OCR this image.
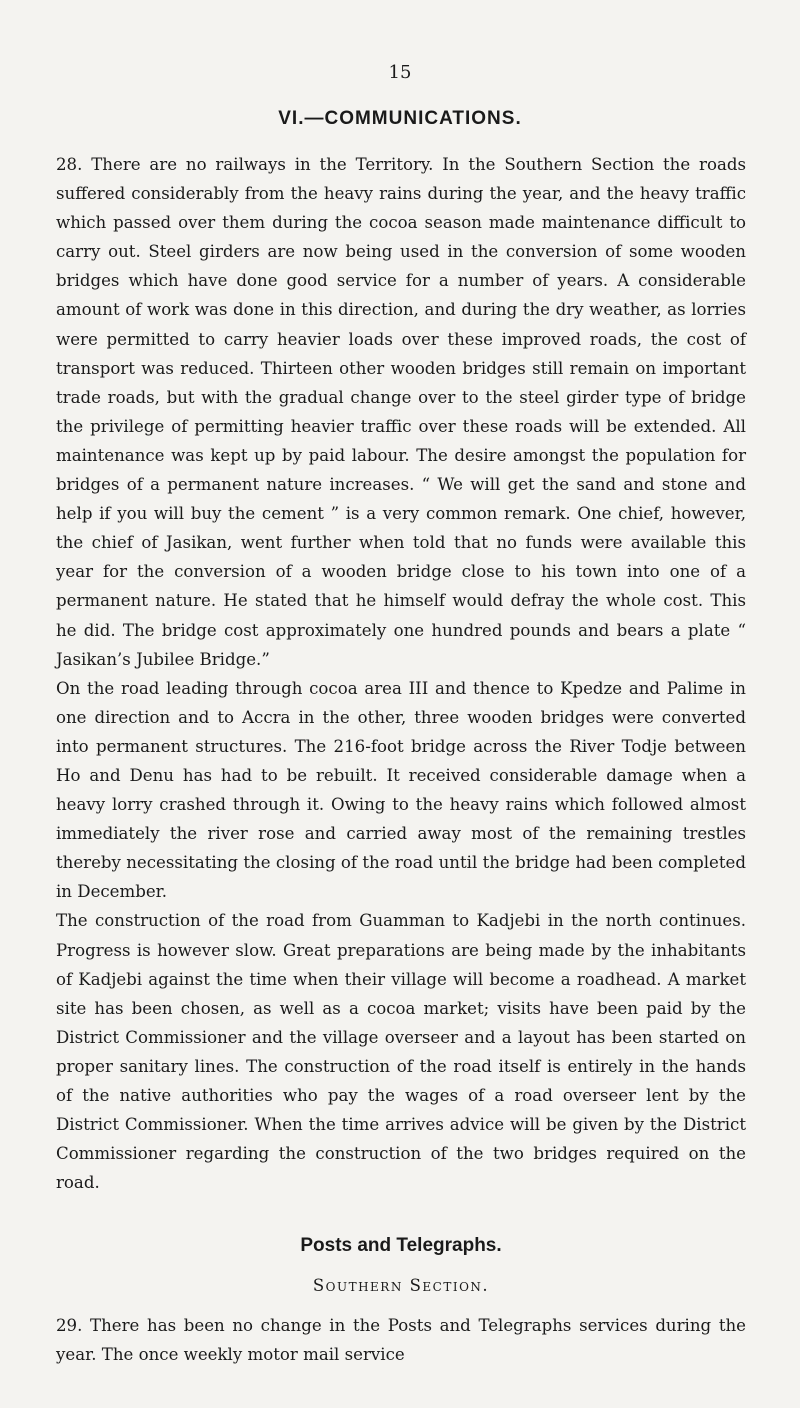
15
VI.—COMMUNICATIONS.

28. There are no railways in the Territory. In the Southern Section the roads suffered considerably from the heavy rains during the year, and the heavy traffic which passed over them during the cocoa season made maintenance difficult to carry out. Steel girders are now being used in the conversion of some wooden bridges which have done good service for a number of years. A considerable amount of work was done in this direction, and during the dry weather, as lorries were permitted to carry heavier loads over these improved roads, the cost of transport was reduced. Thirteen other wooden bridges still remain on important trade roads, but with the gradual change over to the steel girder type of bridge the privilege of permitting heavier traffic over these roads will be extended. All maintenance was kept up by paid labour. The desire amongst the population for bridges of a permanent nature increases. “ We will get the sand and stone and help if you will buy the cement ” is a very common remark. One chief, however, the chief of Jasikan, went further when told that no funds were available this year for the conversion of a wooden bridge close to his town into one of a permanent nature. He stated that he himself would defray the whole cost. This he did. The bridge cost approximately one hundred pounds and bears a plate “ Jasikan’s Jubilee Bridge.”

On the road leading through cocoa area III and thence to Kpedze and Palime in one direction and to Accra in the other, three wooden bridges were converted into permanent structures. The 216-foot bridge across the River Todje between Ho and Denu has had to be rebuilt. It received considerable damage when a heavy lorry crashed through it. Owing to the heavy rains which followed almost immediately the river rose and carried away most of the remaining trestles thereby necessitating the closing of the road until the bridge had been completed in December.

The construction of the road from Guamman to Kadjebi in the north continues. Progress is however slow. Great preparations are being made by the inhabitants of Kadjebi against the time when their village will become a roadhead. A market site has been chosen, as well as a cocoa market; visits have been paid by the District Commissioner and the village overseer and a layout has been started on proper sanitary lines. The construction of the road itself is entirely in the hands of the native authorities who pay the wages of a road overseer lent by the District Commissioner. When the time arrives advice will be given by the District Commissioner regarding the construction of the two bridges required on the road.

Posts and Telegraphs.
Southern Section.

29. There has been no change in the Posts and Telegraphs services during the year. The once weekly motor mail service
